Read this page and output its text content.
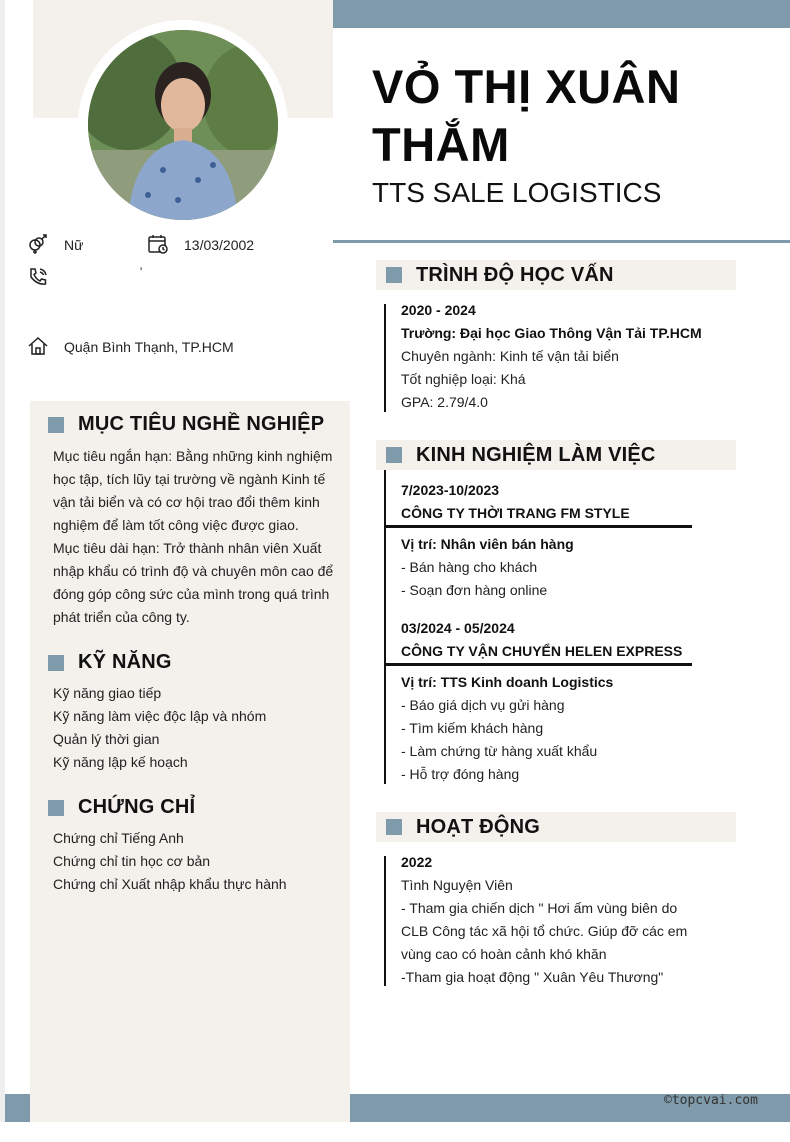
VỎ THỊ XUÂN THẮM
TTS SALE LOGISTICS
Nữ	13/03/2002
'
Quận Bình Thạnh, TP.HCM
MỤC TIÊU NGHỀ NGHIỆP
Mục tiêu ngắn hạn: Bằng những kinh nghiệm
học tập, tích lũy tại trường về ngành Kinh tế
vận tải biển và có cơ hội trao đổi thêm kinh
nghiệm để làm tốt công việc được giao.
Mục tiêu dài hạn: Trở thành nhân viên Xuất
nhập khẩu có trình độ và chuyên môn cao để
đóng góp công sức của mình trong quá trình
phát triển của công ty.
KỸ NĂNG
Kỹ năng giao tiếp
Kỹ năng làm việc độc lập và nhóm
Quản lý thời gian
Kỹ năng lập kế hoạch
CHỨNG CHỈ
Chứng chỉ Tiếng Anh
Chứng chỉ tin học cơ bản
Chứng chỉ Xuất nhập khẩu thực hành
TRÌNH ĐỘ HỌC VẤN
2020 - 2024
Trường: Đại học Giao Thông Vận Tải TP.HCM
Chuyên ngành: Kinh tế vận tải biển
Tốt nghiệp loại: Khá
GPA: 2.79/4.0
KINH NGHIỆM LÀM VIỆC
7/2023-10/2023
CÔNG TY THỜI TRANG FM STYLE
Vị trí: Nhân viên bán hàng
- Bán hàng cho khách
- Soạn đơn hàng online
03/2024 - 05/2024
CÔNG TY VẬN CHUYỂN HELEN EXPRESS
Vị trí: TTS Kinh doanh Logistics
- Báo giá dịch vụ gửi hàng
- Tìm kiếm khách hàng
- Làm chứng từ hàng xuất khẩu
- Hỗ trợ đóng hàng
HOẠT ĐỘNG
2022
Tình Nguyện Viên
- Tham gia chiến dịch " Hơi ấm vùng biên do
CLB Công tác xã hội tổ chức. Giúp đỡ các em
vùng cao có hoàn cảnh khó khăn
-Tham gia hoạt động " Xuân Yêu Thương"
©topcvai.com
